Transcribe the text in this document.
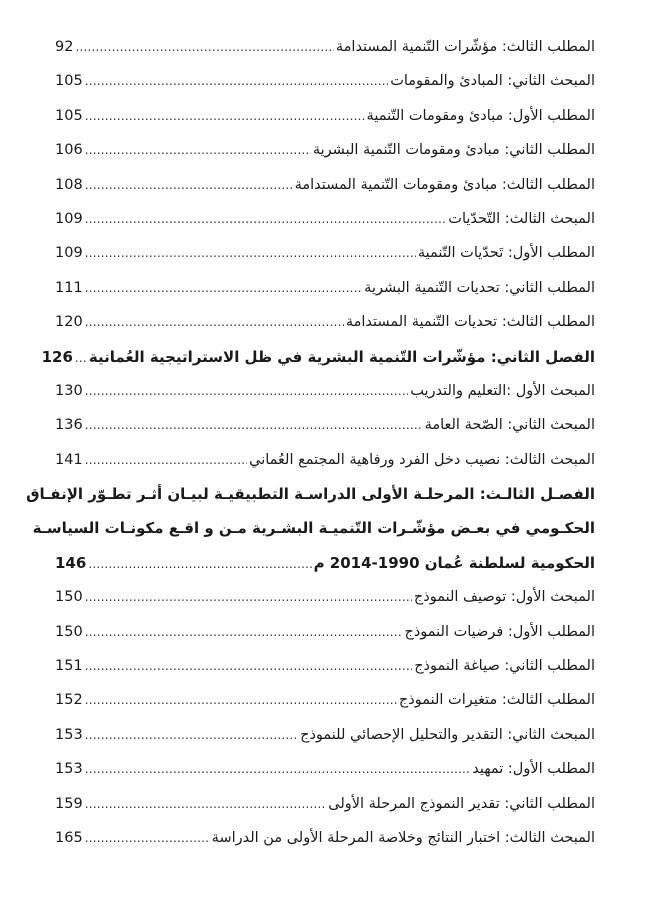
المطلب الثالث: مؤشّرات التّنمية المستدامة
.....
92
المبحث الثاني: المبادئ والمقومات
.....
105
المطلب الأول: مبادئ ومقومات التّنمية
.....
105
المطلب الثاني: مبادئ ومقومات التّنمية البشرية
.....
106
المطلب الثالث: مبادئ ومقومات التّنمية المستدامة
.....
108
المبحث الثالث: التّحدّيات
.....
109
المطلب الأول: تَحدّيات التّنمية
.....
109
المطلب الثاني: تحديات التّنمية البشرية
.....
111
المطلب الثالث: تحديات التّنمية المستدامة
.....
120
الفصل الثاني: مؤشّرات التّنمية البشرية في ظل الاستراتيجية العُمانية
.....
126
المبحث الأول :التعليم والتدريب
.....
130
المبحث الثاني: الصّحة العامة
.....
136
المبحث الثالث: نصيب دخل الفرد ورفاهية المجتمع العُماني
.....
141
الفصـل الثالـث: المرحلـة الأولى الدراسـة التطبيقيـة لبيـان أثـر تطـوّر الإنفـاق
الحكـومي في بعـض مؤشّـرات التّنميـة البشـرية مـن و اقـع مكونـات السياسـة
الحكومية لسلطنة عُمان 1990-2014 م
.....
146
المبحث الأول: توصيف النموذج
.....
150
المطلب الأول: فرضيات النموذج
.....
150
المطلب الثاني: صياغة النموذج
.....
151
المطلب الثالث: متغيرات النموذج
.....
152
المبحث الثاني: التقدير والتحليل الإحصائي للنموذج
.....
153
المطلب الأول: تمهيد
.....
153
المطلب الثاني: تقدير النموذج المرحلة الأولى
.....
159
المبحث الثالث: اختبار النتائج وخلاصة المرحلة الأولى من الدراسة
.....
165
